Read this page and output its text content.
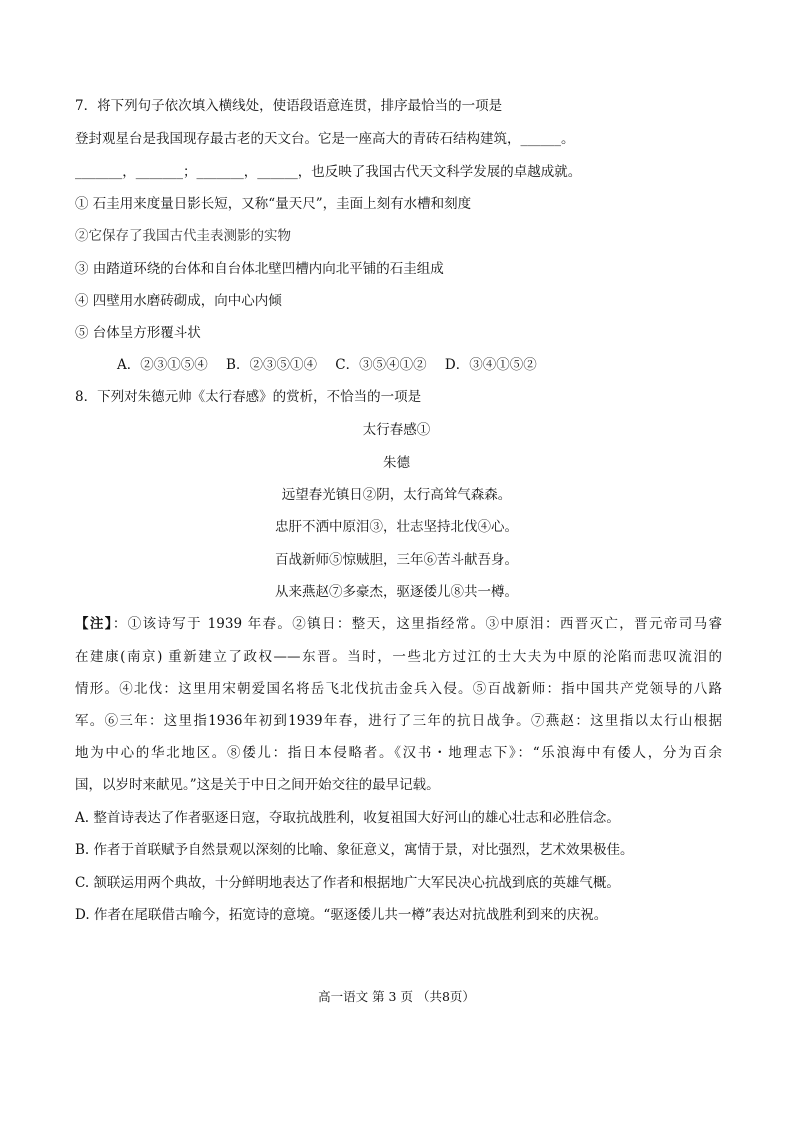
7．将下列句子依次填入横线处，使语段语意连贯，排序最恰当的一项是
登封观星台是我国现存最古老的天文台。它是一座高大的青砖石结构建筑，______。
_______，_______；_______，______，也反映了我国古代天文科学发展的卓越成就。
① 石圭用来度量日影长短，又称“量天尺”，圭面上刻有水槽和刻度
②它保存了我国古代圭表测影的实物
③ 由踏道环绕的台体和自台体北壁凹槽内向北平铺的石圭组成
④ 四壁用水磨砖砌成，向中心内倾
⑤ 台体呈方形覆斗状
A．②③①⑤④ B．②③⑤①④ C．③⑤④①② D．③④①⑤②
8．下列对朱德元帅《太行春感》的赏析，不恰当的一项是
太行春感①
朱德
远望春光镇日②阴，太行高耸气森森。
忠肝不洒中原泪③，壮志坚持北伐④心。
百战新师⑤惊贼胆，三年⑥苦斗献吾身。
从来燕赵⑦多豪杰，驱逐倭儿⑧共一樽。
【注】：①该诗写于 1939 年春。②镇日：整天，这里指经常。③中原泪：西晋灭亡，晋元帝司马睿
在建康(南京) 重新建立了政权——东晋。当时，一些北方过江的士大夫为中原的沦陷而悲叹流泪的
情形。④北伐：这里用宋朝爱国名将岳飞北伐抗击金兵入侵。⑤百战新师：指中国共产党领导的八路
军。⑥三年：这里指1936年初到1939年春，进行了三年的抗日战争。⑦燕赵：这里指以太行山根据
地为中心的华北地区。⑧倭儿：指日本侵略者。《汉书・地理志下》：“乐浪海中有倭人，分为百余
国，以岁时来献见。”这是关于中日之间开始交往的最早记载。
A. 整首诗表达了作者驱逐日寇，夺取抗战胜利，收复祖国大好河山的雄心壮志和必胜信念。
B. 作者于首联赋予自然景观以深刻的比喻、象征意义，寓情于景，对比强烈，艺术效果极佳。
C. 颔联运用两个典故，十分鲜明地表达了作者和根据地广大军民决心抗战到底的英雄气概。
D. 作者在尾联借古喻今，拓宽诗的意境。“驱逐倭儿共一樽”表达对抗战胜利到来的庆祝。
高一语文 第 3 页 （共8页）
